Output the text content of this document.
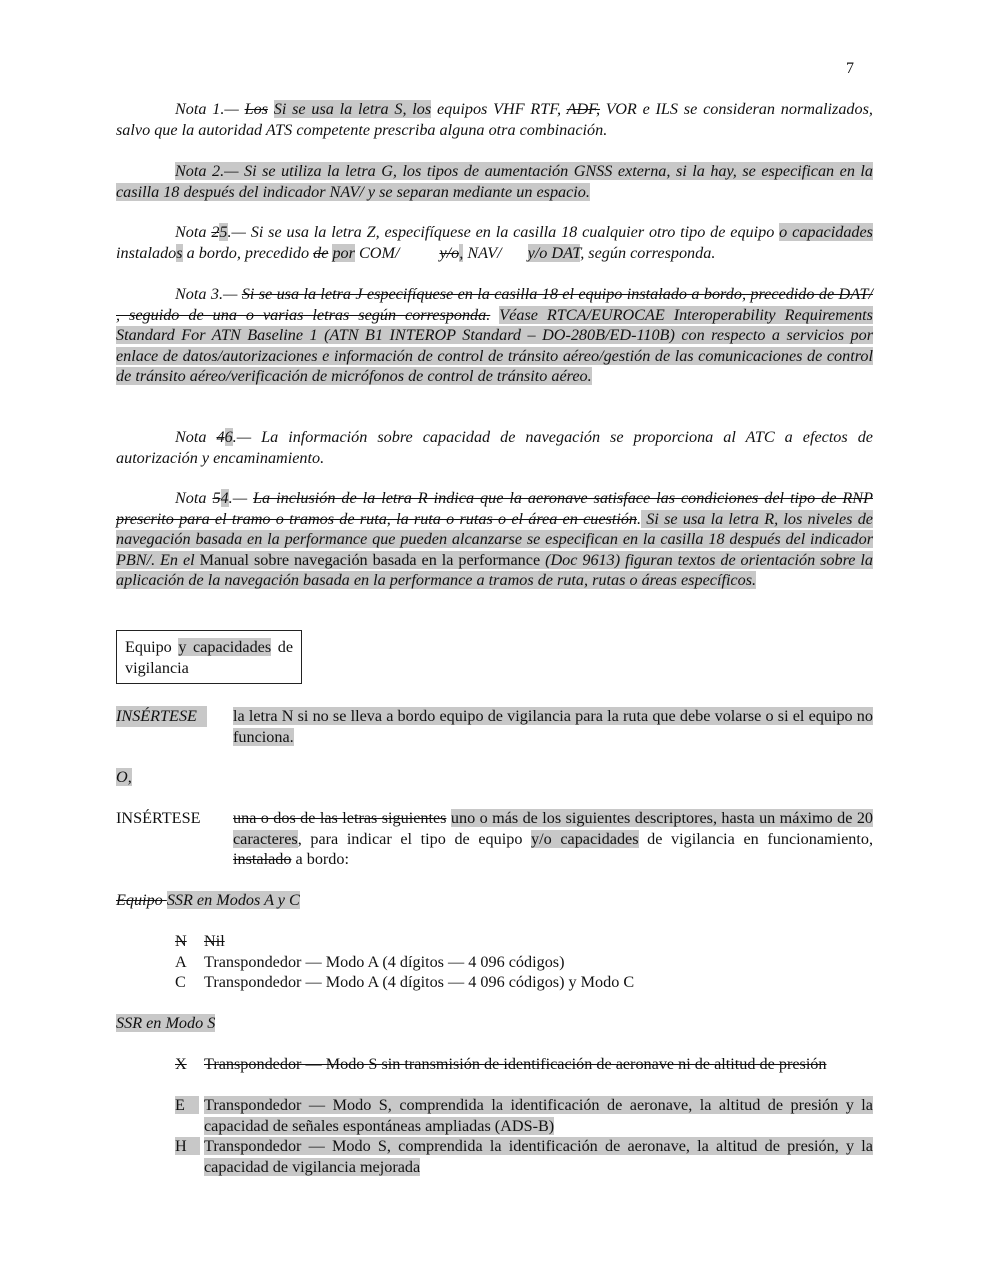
7
Nota 1.— Los Si se usa la letra S, los equipos VHF RTF, ADF, VOR e ILS se consideran normalizados, salvo que la autoridad ATS competente prescriba alguna otra combinación.
Nota 2.— Si se utiliza la letra G, los tipos de aumentación GNSS externa, si la hay, se especifican en la casilla 18 después del indicador NAV/ y se separan mediante un espacio.
Nota 25.— Si se usa la letra Z, especifíquese en la casilla 18 cualquier otro tipo de equipo o capacidades instalados a bordo, precedido de por COM/ y/o, NAV/ y/o DAT, según corresponda.
Nota 3.— Si se usa la letra J especifíquese en la casilla 18 el equipo instalado a bordo, precedido de DAT/ , seguido de una o varias letras según corresponda. Véase RTCA/EUROCAE Interoperability Requirements Standard For ATN Baseline 1 (ATN B1 INTEROP Standard – DO-280B/ED-110B) con respecto a servicios por enlace de datos/autorizaciones e información de control de tránsito aéreo/gestión de las comunicaciones de control de tránsito aéreo/verificación de micrófonos de control de tránsito aéreo.
Nota 46.— La información sobre capacidad de navegación se proporciona al ATC a efectos de autorización y encaminamiento.
Nota 54.— La inclusión de la letra R indica que la aeronave satisface las condiciones del tipo de RNP prescrito para el tramo o tramos de ruta, la ruta o rutas o el área en cuestión. Si se usa la letra R, los niveles de navegación basada en la performance que pueden alcanzarse se especifican en la casilla 18 después del indicador PBN/. En el Manual sobre navegación basada en la performance (Doc 9613) figuran textos de orientación sobre la aplicación de la navegación basada en la performance a tramos de ruta, rutas o áreas específicos.
Equipo y capacidades de vigilancia
INSÉRTESE	la letra N si no se lleva a bordo equipo de vigilancia para la ruta que debe volarse o si el equipo no funciona.
O,
INSÉRTESE una o dos de las letras siguientes uno o más de los siguientes descriptores, hasta un máximo de 20 caracteres, para indicar el tipo de equipo y/o capacidades de vigilancia en funcionamiento, instalado a bordo:
Equipo SSR en Modos A y C
N	Nil
A	Transpondedor — Modo A (4 dígitos — 4 096 códigos)
C	Transpondedor — Modo A (4 dígitos — 4 096 códigos) y Modo C
SSR en Modo S
X	Transpondedor — Modo S sin transmisión de identificación de aeronave ni de altitud de presión
E	Transpondedor — Modo S, comprendida la identificación de aeronave, la altitud de presión y la capacidad de señales espontáneas ampliadas (ADS-B)
H	Transpondedor — Modo S, comprendida la identificación de aeronave, la altitud de presión, y la capacidad de vigilancia mejorada
